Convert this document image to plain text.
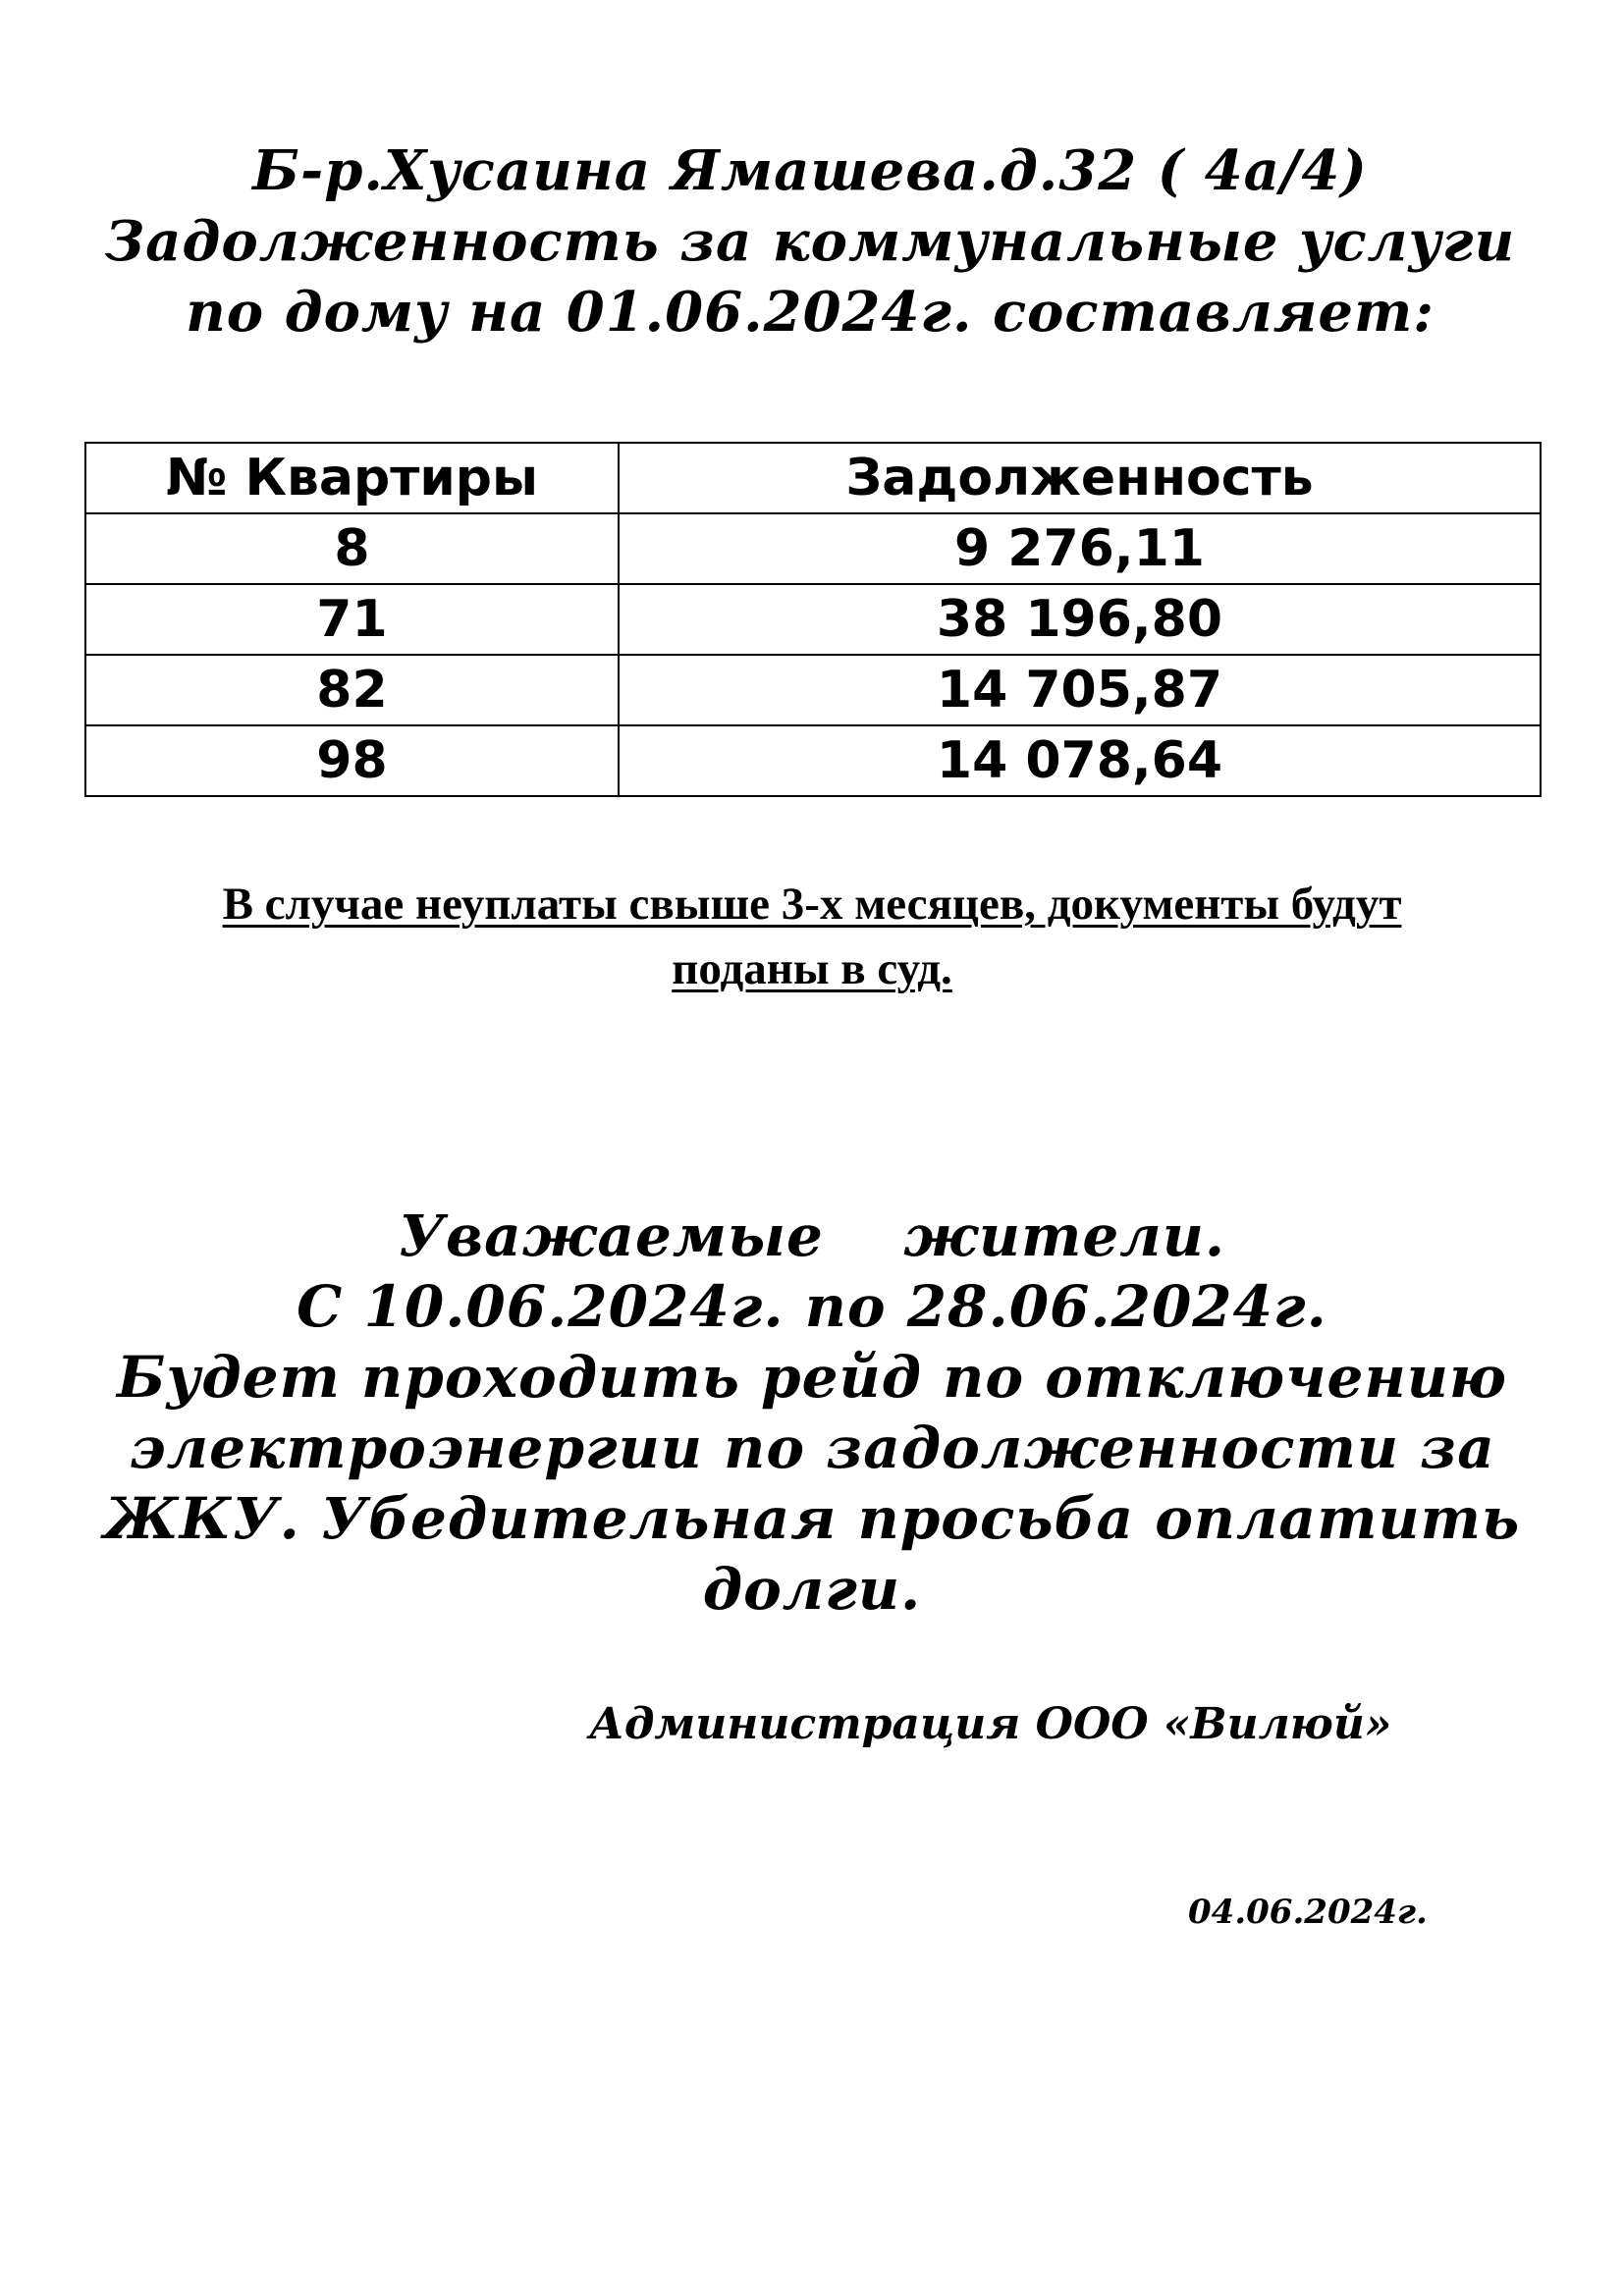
Б-р.Хусаина Ямашева.д.32 ( 4а/4)
Задолженность за коммунальные услуги
по дому на 01.06.2024г. составляет:
№ Квартиры	Задолженность
8	9 276,11
71	38 196,80
82	14 705,87
98	14 078,64
В случае неуплаты свыше 3-х месяцев, документы будут
поданы в суд.
Уважаемые жители.
С 10.06.2024г. по 28.06.2024г.
Будет проходить рейд по отключению
электроэнергии по задолженности за
ЖКУ. Убедительная просьба оплатить
долги.
Администрация ООО «Вилюй»
04.06.2024г.
